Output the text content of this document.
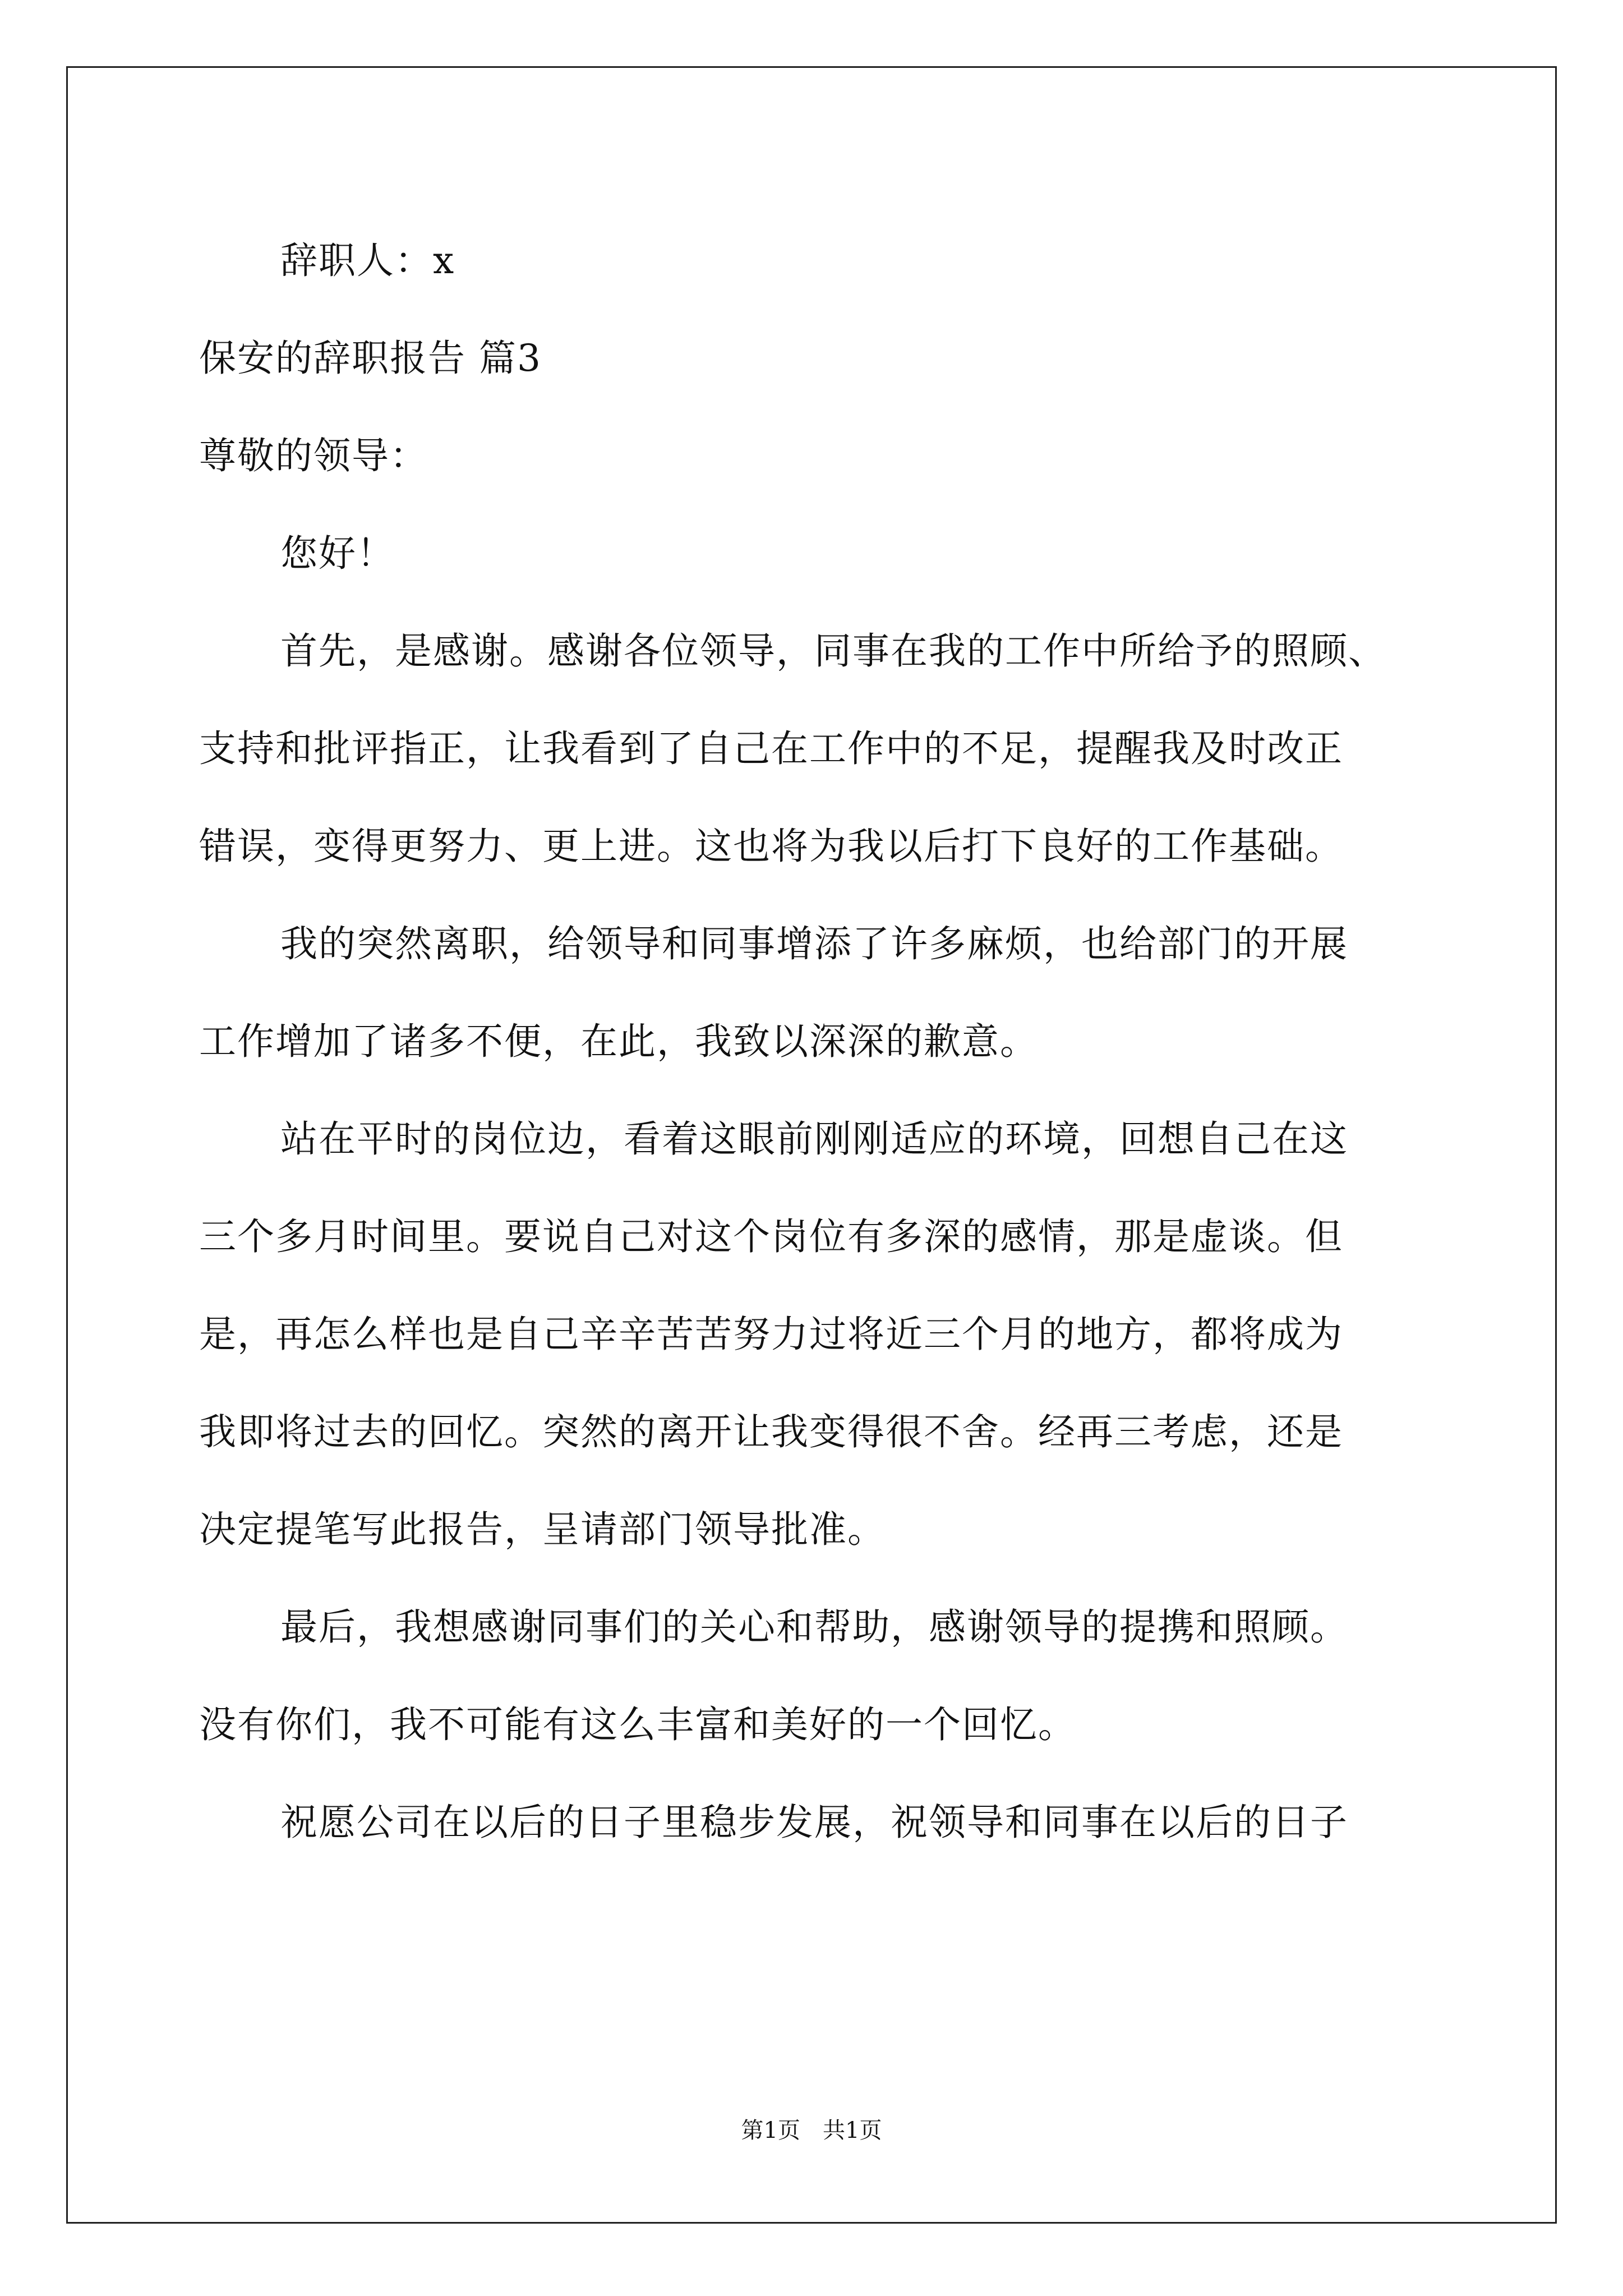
辞职人：x
保安的辞职报告 篇3
尊敬的领导：
您好！
首先，是感谢。感谢各位领导，同事在我的工作中所给予的照顾、
支持和批评指正，让我看到了自己在工作中的不足，提醒我及时改正
错误，变得更努力、更上进。这也将为我以后打下良好的工作基础。
我的突然离职，给领导和同事增添了许多麻烦，也给部门的开展
工作增加了诸多不便，在此，我致以深深的歉意。
站在平时的岗位边，看着这眼前刚刚适应的环境，回想自己在这
三个多月时间里。要说自己对这个岗位有多深的感情，那是虚谈。但
是，再怎么样也是自己辛辛苦苦努力过将近三个月的地方，都将成为
我即将过去的回忆。突然的离开让我变得很不舍。经再三考虑，还是
决定提笔写此报告，呈请部门领导批准。
最后，我想感谢同事们的关心和帮助，感谢领导的提携和照顾。
没有你们，我不可能有这么丰富和美好的一个回忆。
祝愿公司在以后的日子里稳步发展，祝领导和同事在以后的日子
第1页　共1页
